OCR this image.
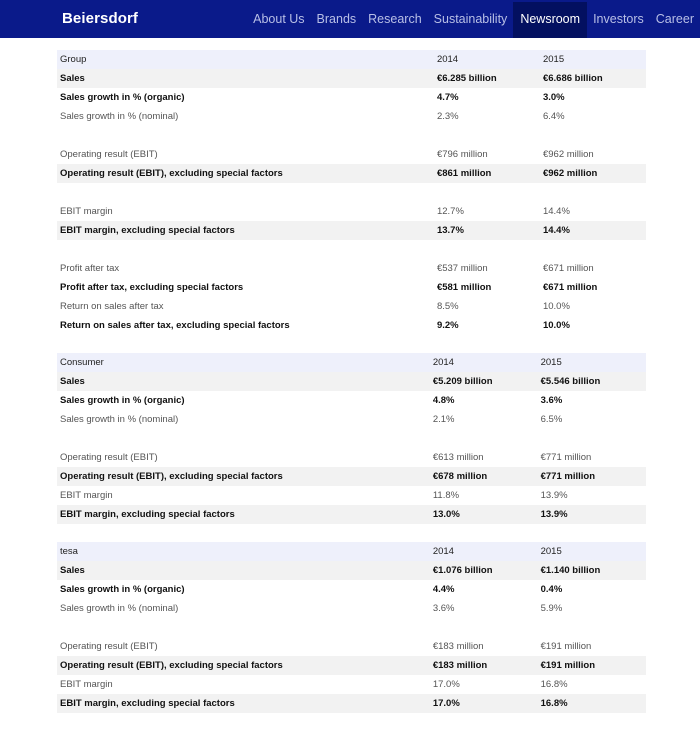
Beiersdorf	About Us Brands Research Sustainability	Newsroom	Investors Career
Group	2014	2015
Sales	€6.285 billion	€6.686 billion
Sales growth in % (organic)	4.7%	3.0%
Sales growth in % (nominal)	2.3%	6.4%

Operating result (EBIT)	€796 million	€962 million
Operating result (EBIT), excluding special factors	€861 million	€962 million

EBIT margin	12.7%	14.4%
EBIT margin, excluding special factors	13.7%	14.4%

Profit after tax	€537 million	€671 million
Profit after tax, excluding special factors	€581 million	€671 million
Return on sales after tax	8.5%	10.0%
Return on sales after tax, excluding special factors	9.2%	10.0%
Consumer	2014	2015
Sales	€5.209 billion	€5.546 billion
Sales growth in % (organic)	4.8%	3.6%
Sales growth in % (nominal)	2.1%	6.5%

Operating result (EBIT)	€613 million	€771 million
Operating result (EBIT), excluding special factors	€678 million	€771 million
EBIT margin	11.8%	13.9%
EBIT margin, excluding special factors	13.0%	13.9%
tesa	2014	2015
Sales	€1.076 billion	€1.140 billion
Sales growth in % (organic)	4.4%	0.4%
Sales growth in % (nominal)	3.6%	5.9%

Operating result (EBIT)	€183 million	€191 million
Operating result (EBIT), excluding special factors	€183 million	€191 million
EBIT margin	17.0%	16.8%
EBIT margin, excluding special factors	17.0%	16.8%
